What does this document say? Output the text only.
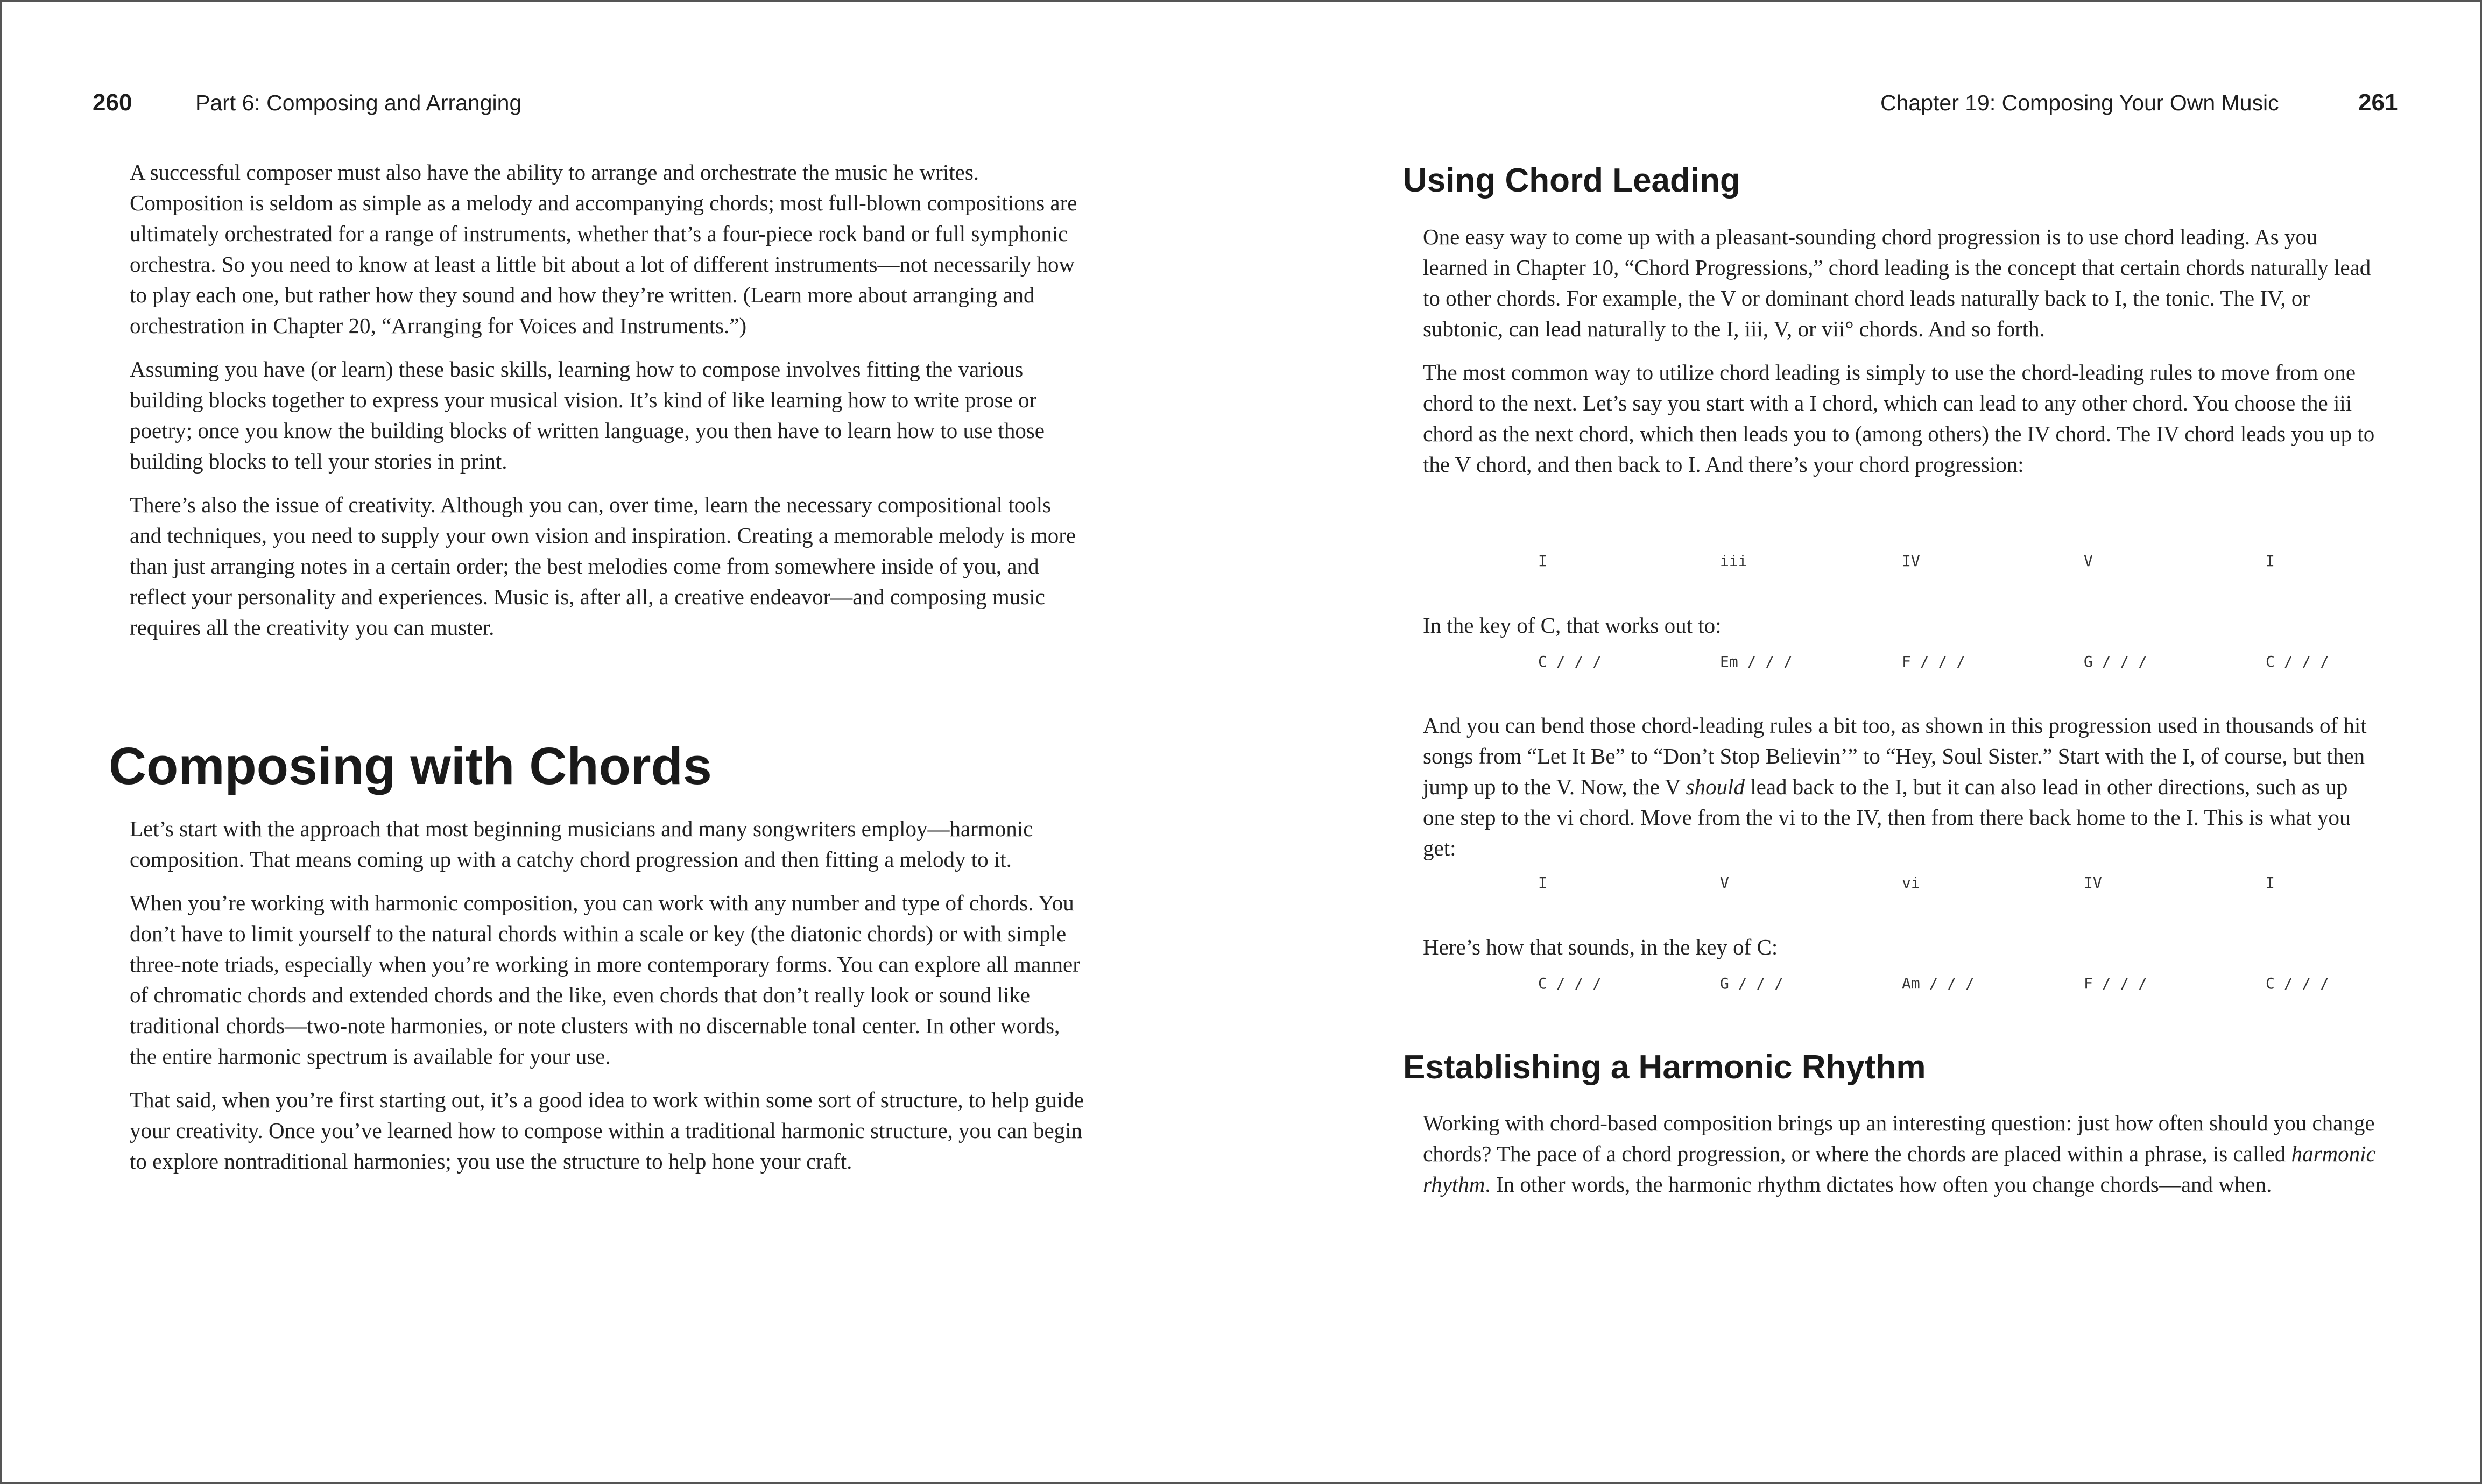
260	Part 6: Composing and Arranging

A successful composer must also have the ability to arrange and orchestrate the music he writes. Composition is seldom as simple as a melody and accompanying chords; most full-blown compositions are ultimately orchestrated for a range of instruments, whether that’s a four-piece rock band or full symphonic orchestra. So you need to know at least a little bit about a lot of different instruments—not necessarily how to play each one, but rather how they sound and how they’re written. (Learn more about arranging and orchestration in Chapter 20, “Arranging for Voices and Instruments.”)

Assuming you have (or learn) these basic skills, learning how to compose involves fitting the various building blocks together to express your musical vision. It’s kind of like learning how to write prose or poetry; once you know the building blocks of written language, you then have to learn how to use those building blocks to tell your stories in print.

There’s also the issue of creativity. Although you can, over time, learn the necessary compositional tools and techniques, you need to supply your own vision and inspiration. Creating a memorable melody is more than just arranging notes in a certain order; the best melodies come from somewhere inside of you, and reflect your personality and experiences. Music is, after all, a creative endeavor—and composing music requires all the creativity you can muster.

Composing with Chords

Let’s start with the approach that most beginning musicians and many songwriters employ—harmonic composition. That means coming up with a catchy chord progression and then fitting a melody to it.

When you’re working with harmonic composition, you can work with any number and type of chords. You don’t have to limit yourself to the natural chords within a scale or key (the diatonic chords) or with simple three-note triads, especially when you’re working in more contemporary forms. You can explore all manner of chromatic chords and extended chords and the like, even chords that don’t really look or sound like traditional chords—two-note harmonies, or note clusters with no discernable tonal center. In other words, the entire harmonic spectrum is available for your use.

That said, when you’re first starting out, it’s a good idea to work within some sort of structure, to help guide your creativity. Once you’ve learned how to compose within a traditional harmonic structure, you can begin to explore nontraditional harmonies; you use the structure to help hone your craft.

Chapter 19: Composing Your Own Music	261
Using Chord Leading

One easy way to come up with a pleasant-sounding chord progression is to use chord leading. As you learned in Chapter 10, “Chord Progressions,” chord leading is the concept that certain chords naturally lead to other chords. For example, the V or dominant chord leads naturally back to I, the tonic. The IV, or subtonic, can lead naturally to the I, iii, V, or vii° chords. And so forth.

The most common way to utilize chord leading is simply to use the chord-leading rules to move from one chord to the next. Let’s say you start with a I chord, which can lead to any other chord. You choose the iii chord as the next chord, which then leads you to (among others) the IV chord. The IV chord leads you up to the V chord, and then back to I. And there’s your chord progression:

I	iii	IV	V	I

In the key of C, that works out to:

C / / /	Em / / /	F / / /	G / / /	C / / /

And you can bend those chord-leading rules a bit too, as shown in this progression used in thousands of hit songs from “Let It Be” to “Don’t Stop Believin’” to “Hey, Soul Sister.” Start with the I, of course, but then jump up to the V. Now, the V should lead back to the I, but it can also lead in other directions, such as up one step to the vi chord. Move from the vi to the IV, then from there back home to the I. This is what you get:

I	V	vi	IV	I

Here’s how that sounds, in the key of C:

C / / /	G / / /	Am / / /	F / / /	C / / /
Establishing a Harmonic Rhythm

Working with chord-based composition brings up an interesting question: just how often should you change chords? The pace of a chord progression, or where the chords are placed within a phrase, is called harmonic rhythm. In other words, the harmonic rhythm dictates how often you change chords—and when.
